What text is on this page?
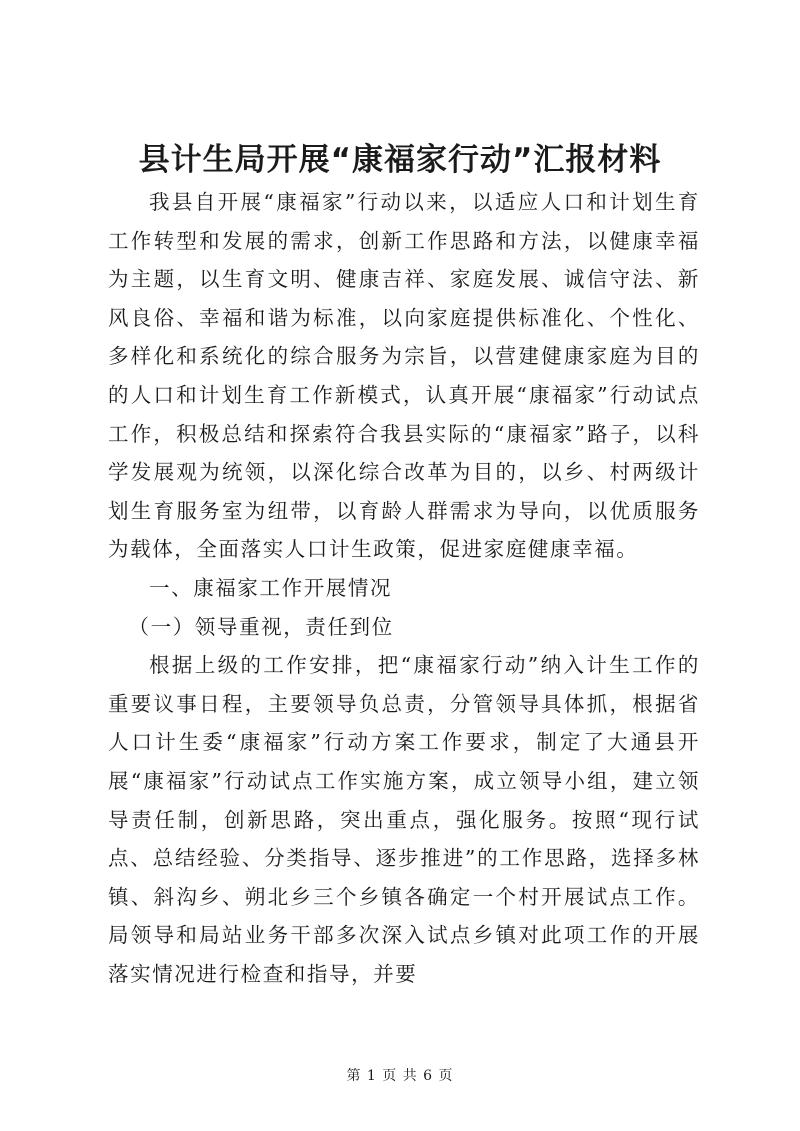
县计生局开展“康福家行动”汇报材料

我县自开展“康福家”行动以来，以适应人口和计划生育工作转型和发展的需求，创新工作思路和方法，以健康幸福为主题，以生育文明、健康吉祥、家庭发展、诚信守法、新风良俗、幸福和谐为标准，以向家庭提供标准化、个性化、多样化和系统化的综合服务为宗旨，以营建健康家庭为目的的人口和计划生育工作新模式，认真开展“康福家”行动试点工作，积极总结和探索符合我县实际的“康福家”路子，以科学发展观为统领，以深化综合改革为目的，以乡、村两级计划生育服务室为纽带，以育龄人群需求为导向，以优质服务为载体，全面落实人口计生政策，促进家庭健康幸福。

一、康福家工作开展情况

（一）领导重视，责任到位

根据上级的工作安排，把“康福家行动”纳入计生工作的重要议事日程，主要领导负总责，分管领导具体抓，根据省人口计生委“康福家”行动方案工作要求，制定了大通县开展“康福家”行动试点工作实施方案，成立领导小组，建立领导责任制，创新思路，突出重点，强化服务。按照“现行试点、总结经验、分类指导、逐步推进”的工作思路，选择多林镇、斜沟乡、朔北乡三个乡镇各确定一个村开展试点工作。局领导和局站业务干部多次深入试点乡镇对此项工作的开展落实情况进行检查和指导，并要

第 1 页 共 6 页
